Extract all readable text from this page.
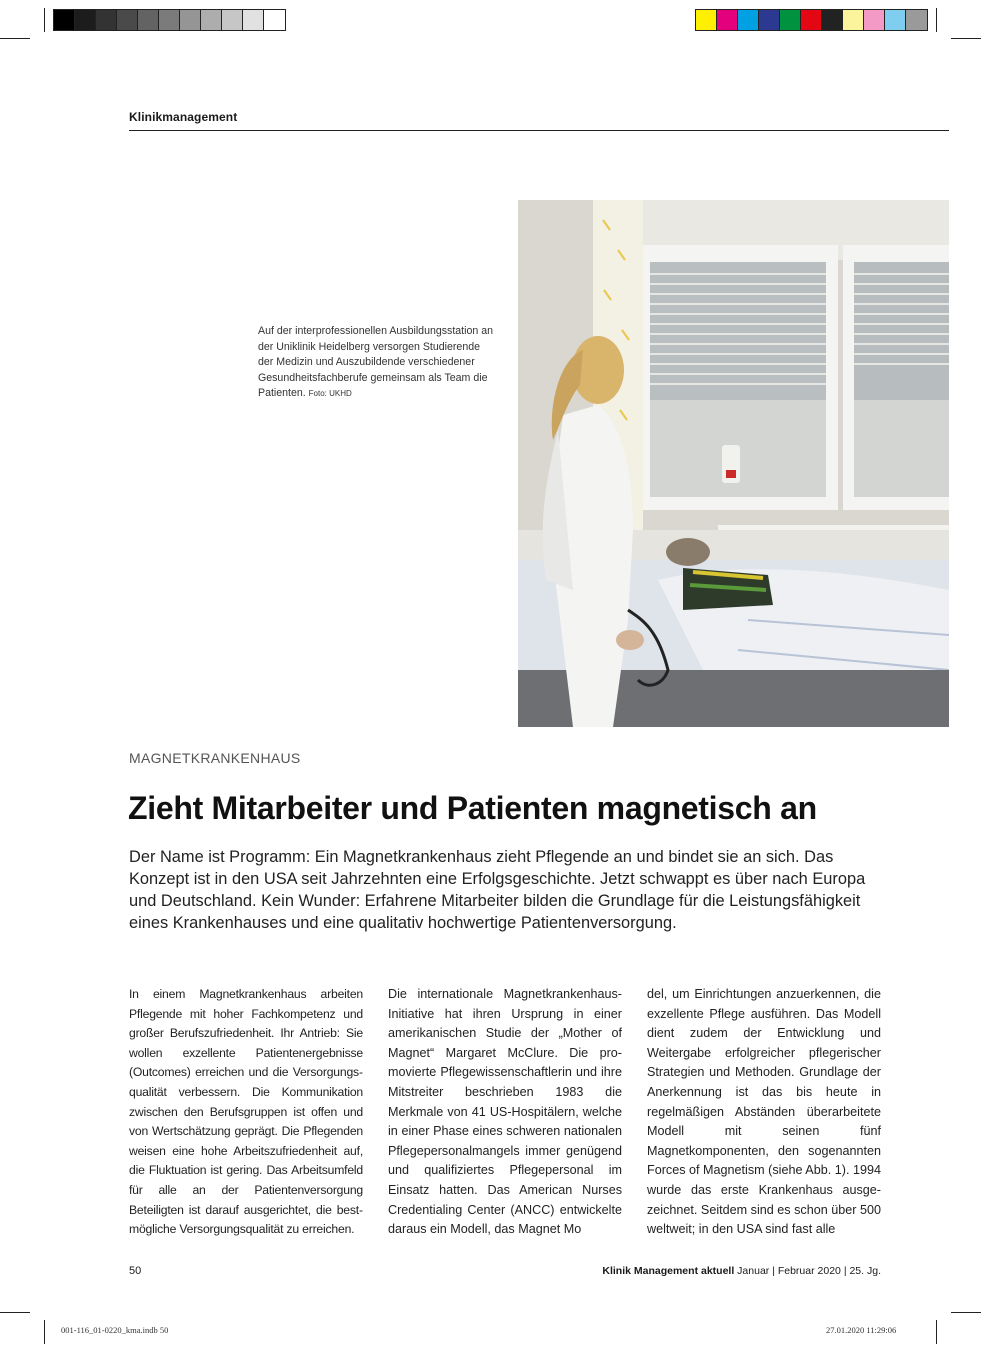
Klinikmanagement
Auf der interprofessionellen Ausbildungsstation an der Uniklinik Heidelberg versorgen Studierende der Medizin und Auszubildende verschiedener Gesundheitsfachberufe gemeinsam als Team die Patienten. Foto: UKHD
MAGNETKRANKENHAUS
Zieht Mitarbeiter und Patienten magnetisch an

Der Name ist Programm: Ein Magnetkrankenhaus zieht Pflegende an und bindet sie an sich. Das Konzept ist in den USA seit Jahrzehnten eine Erfolgsgeschichte. Jetzt schwappt es über nach Europa und Deutschland. Kein Wunder: Erfahrene Mitarbeiter bilden die Grundlage für die Leistungsfähigkeit eines Krankenhauses und eine qualitativ hochwertige Patientenversorgung.

In einem Magnetkrankenhaus arbeiten Pflegende mit hoher Fachkompetenz und großer Berufszufriedenheit. Ihr Antrieb: Sie wollen exzellente Patientenergebnisse (Outcomes) erreichen und die Versorgungsqualität verbessern. Die Kommunikation zwischen den Berufsgruppen ist offen und von Wertschätzung geprägt. Die Pflegenden weisen eine hohe Arbeitszufriedenheit auf, die Fluktuation ist gering. Das Arbeitsumfeld für alle an der Patientenversorgung Beteiligten ist darauf ausgerichtet, die bestmögliche Versorgungsqualität zu erreichen.

Die internationale Magnetkrankenhaus-Initiative hat ihren Ursprung in einer amerikanischen Studie der „Mother of Magnet“ Margaret McClure. Die promovierte Pflegewissenschaftlerin und ihre Mitstreiter beschrieben 1983 die Merkmale von 41 US-Hospitälern, welche in einer Phase eines schweren nationalen Pflegepersonalmangels immer genügend und qualifiziertes Pflegepersonal im Einsatz hatten. Das American Nurses Credentialing Center (ANCC) entwickelte daraus ein Modell, das Magnet Mo

del, um Einrichtungen anzuerkennen, die exzellente Pflege ausführen. Das Modell dient zudem der Entwicklung und Weitergabe erfolgreicher pflegerischer Strategien und Methoden. Grundlage der Anerkennung ist das bis heute in regelmäßigen Abständen überarbeitete Modell mit seinen fünf Magnetkomponenten, den sogenannten Forces of Magnetism (siehe Abb. 1). 1994 wurde das erste Krankenhaus ausgezeichnet. Seitdem sind es schon über 500 weltweit; in den USA sind fast alle

50	Klinik Management aktuell Januar | Februar 2020 | 25. Jg.
001-116_01-0220_kma.indb 50	27.01.2020 11:29:06
